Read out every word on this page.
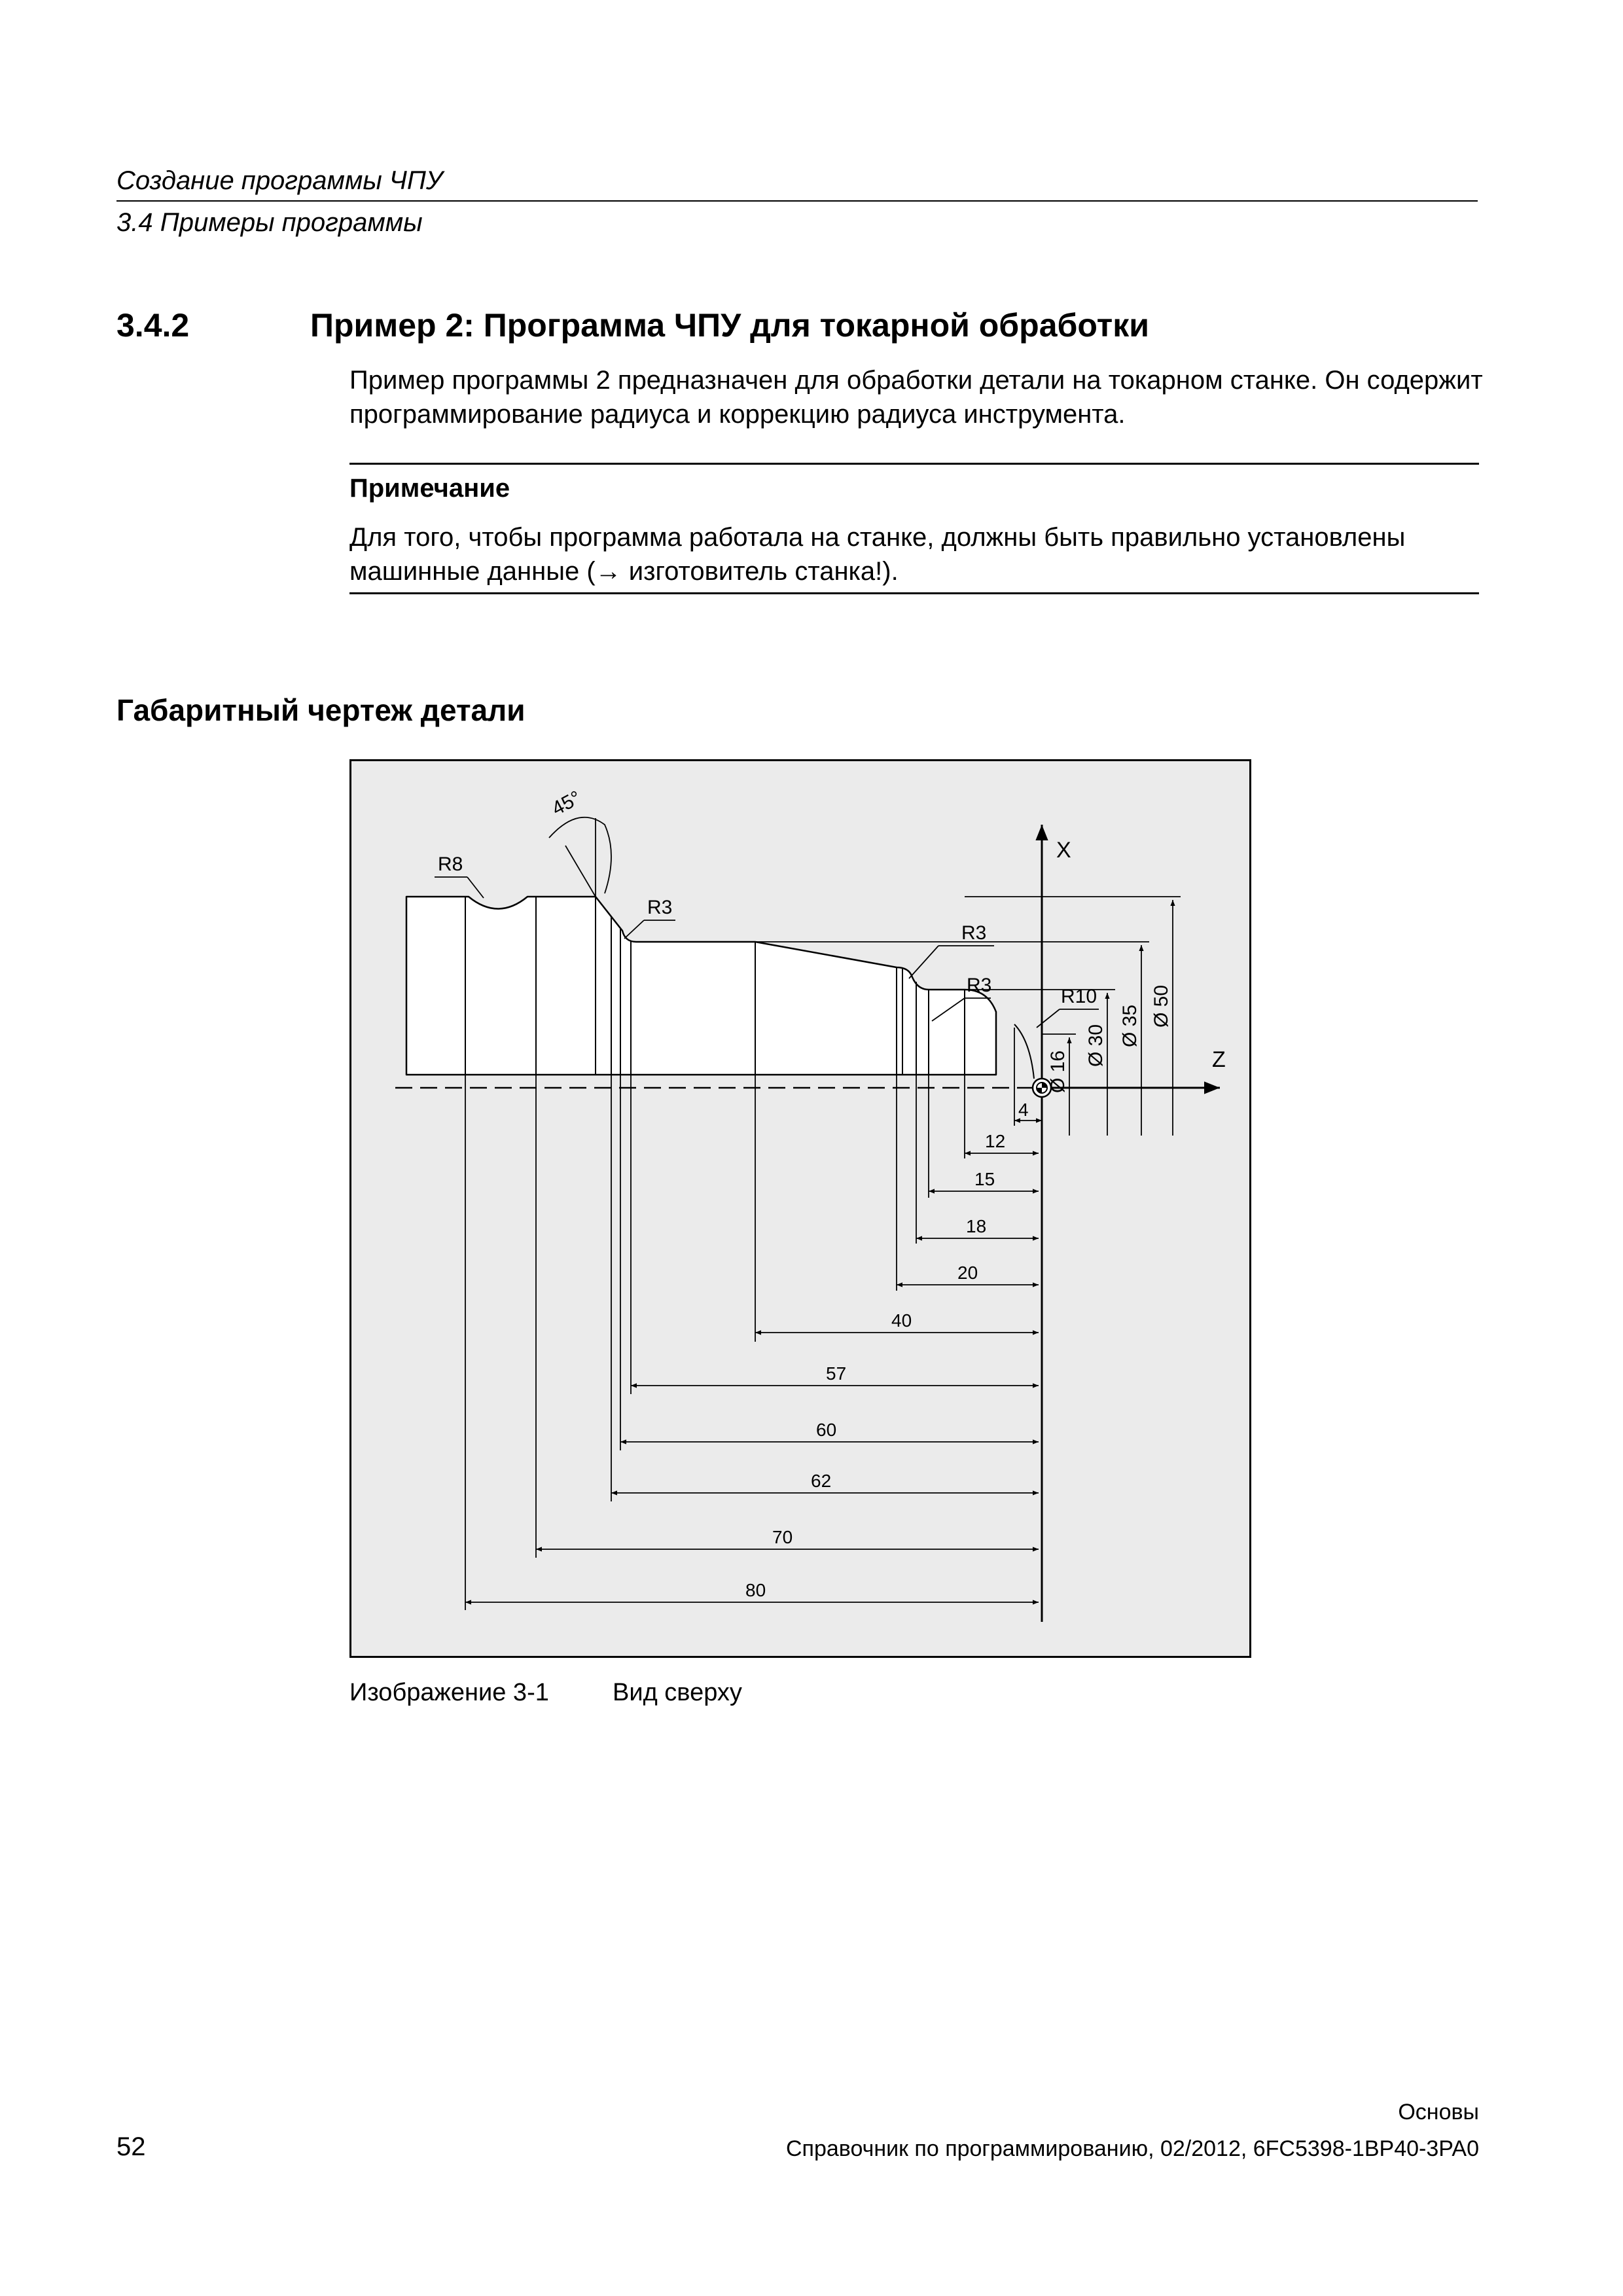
Создание программы ЧПУ
3.4 Примеры программы
3.4.2	Пример 2: Программа ЧПУ для токарной обработки
Пример программы 2 предназначен для обработки детали на токарном станке. Он содержит программирование радиуса и коррекцию радиуса инструмента.
Примечание
Для того, чтобы программа работала на станке, должны быть правильно установлены машинные данные (→ изготовитель станка!).
Габаритный чертеж детали
X
Z
45°
R8
R3
R3
R3
R10	Ø 50
Ø 35
Ø 30
Ø 16
4
12
15
18
20
40
57
60
62
70
80
Изображение 3-1	Вид сверху
52
Основы
Справочник по программированию, 02/2012, 6FC5398-1BP40-3PA0
